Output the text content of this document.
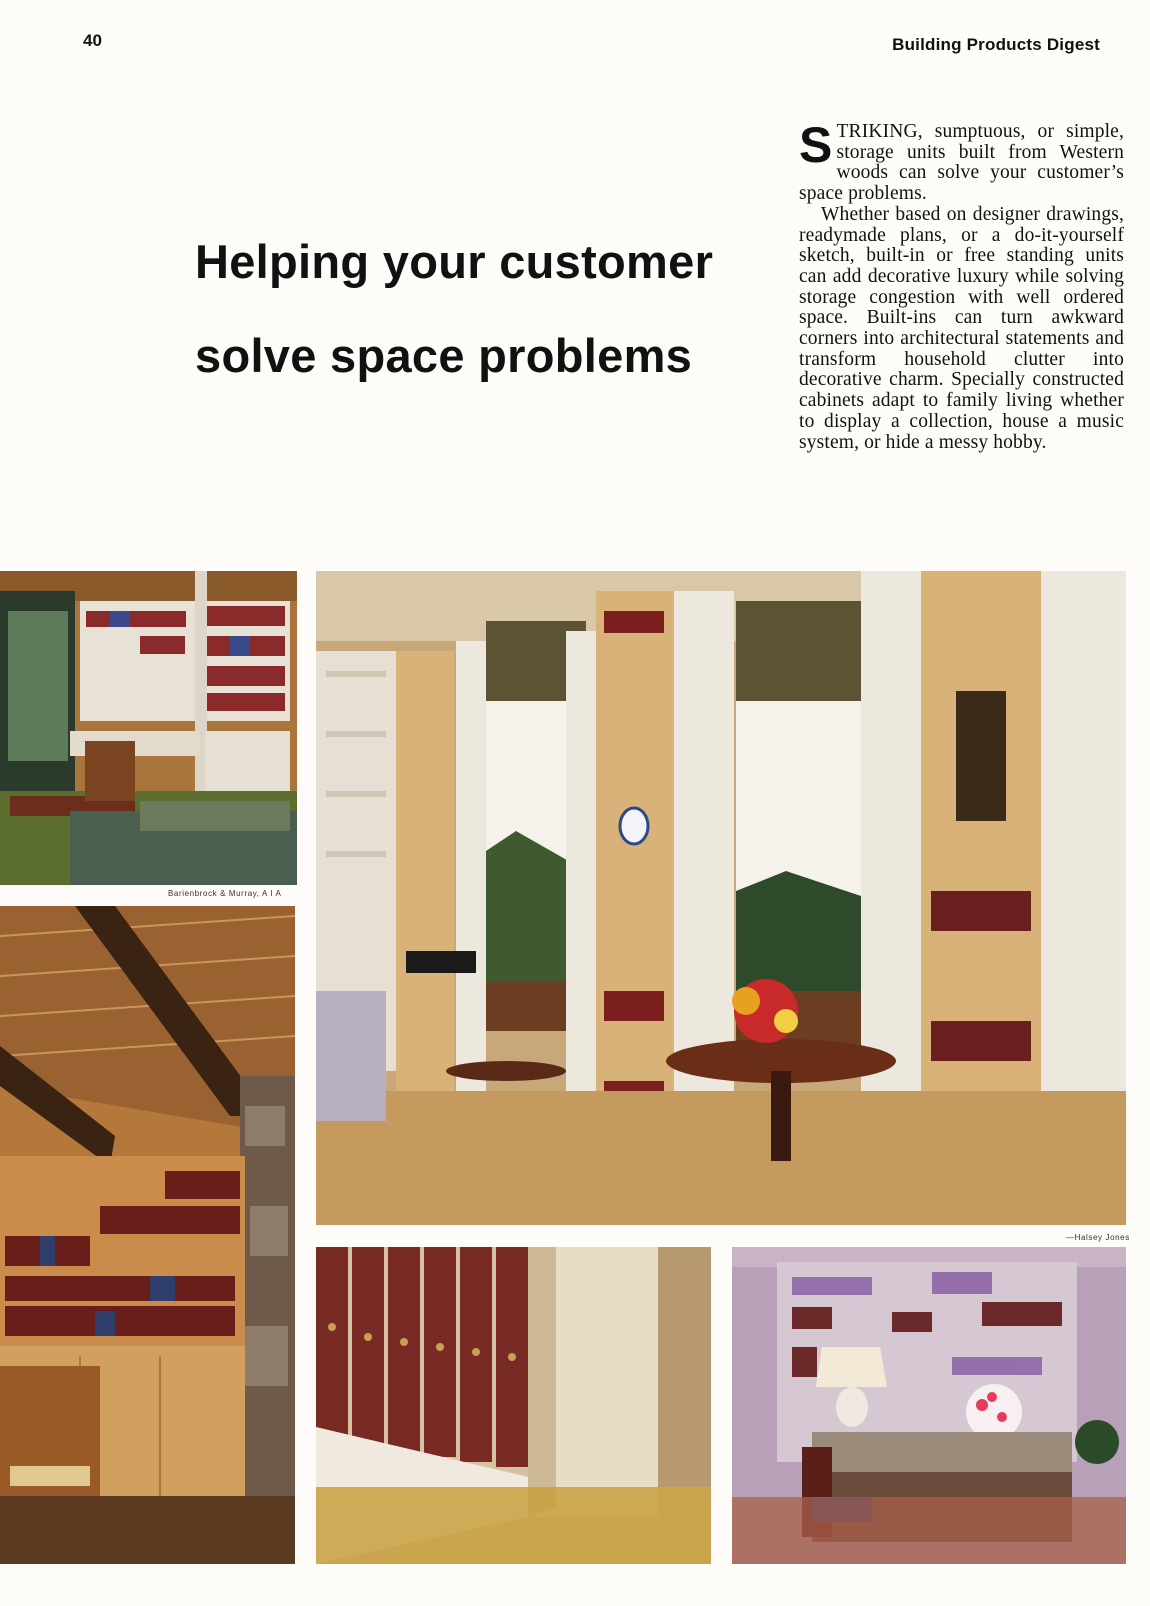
40	Building Products Digest
Helping your customer
solve space problems

STRIKING, sumptuous, or simple, storage units built from Western woods can solve your customer’s space problems.

Whether based on designer drawings, readymade plans, or a do-it-yourself sketch, built-in or free standing units can add decorative luxury while solving storage congestion with well ordered space. Built-ins can turn awkward corners into architectural statements and transform household clutter into decorative charm. Specially constructed cabinets adapt to family living whether to display a collection, house a music system, or hide a messy hobby.

Barienbrock & Murray, A I A
—Halsey Jones
